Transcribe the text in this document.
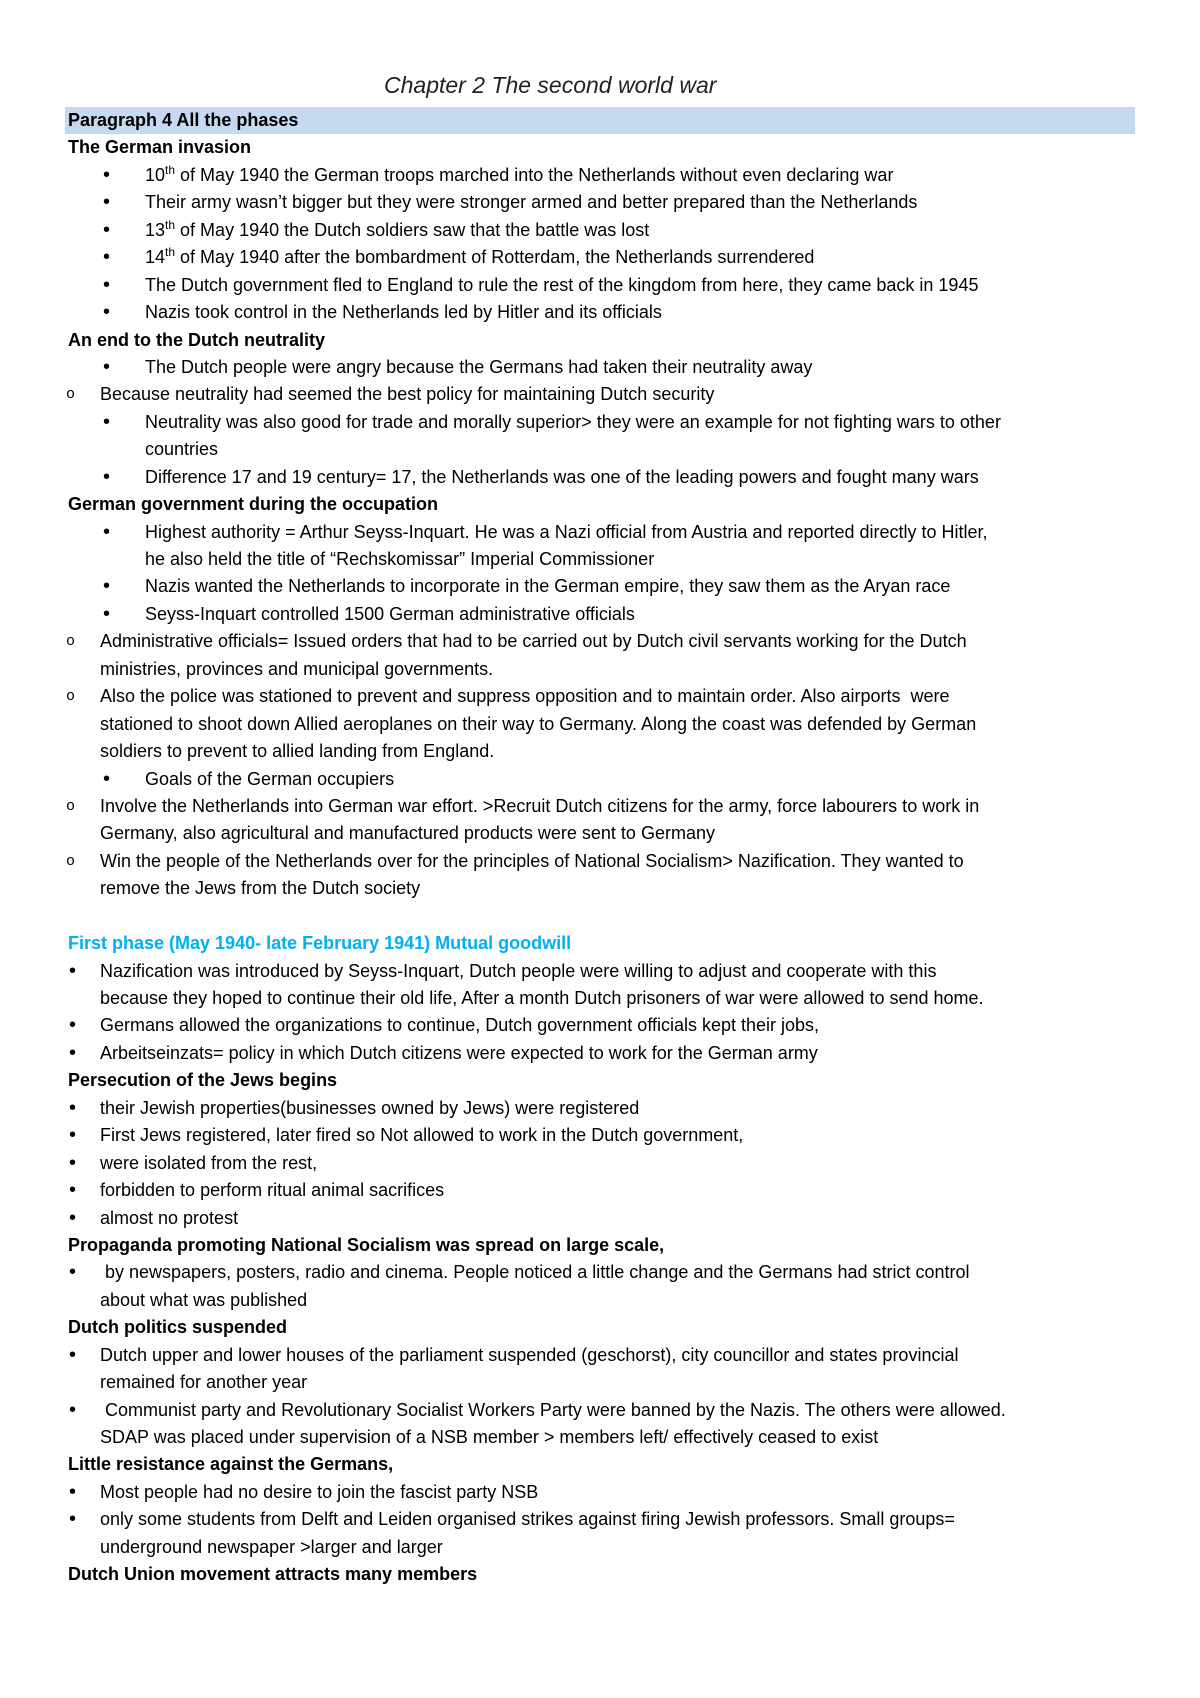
Chapter 2 The second world war
Paragraph 4 All the phases
The German invasion
• 10th of May 1940 the German troops marched into the Netherlands without even declaring war
• Their army wasn’t bigger but they were stronger armed and better prepared than the Netherlands
• 13th of May 1940 the Dutch soldiers saw that the battle was lost
• 14th of May 1940 after the bombardment of Rotterdam, the Netherlands surrendered
• The Dutch government fled to England to rule the rest of the kingdom from here, they came back in 1945
• Nazis took control in the Netherlands led by Hitler and its officials
An end to the Dutch neutrality
• The Dutch people were angry because the Germans had taken their neutrality away
o Because neutrality had seemed the best policy for maintaining Dutch security
• Neutrality was also good for trade and morally superior> they were an example for not fighting wars to other
countries
• Difference 17 and 19 century= 17, the Netherlands was one of the leading powers and fought many wars
German government during the occupation
• Highest authority = Arthur Seyss-Inquart. He was a Nazi official from Austria and reported directly to Hitler,
he also held the title of “Rechskomissar” Imperial Commissioner
• Nazis wanted the Netherlands to incorporate in the German empire, they saw them as the Aryan race
• Seyss-Inquart controlled 1500 German administrative officials
o Administrative officials= Issued orders that had to be carried out by Dutch civil servants working for the Dutch
ministries, provinces and municipal governments.
o Also the police was stationed to prevent and suppress opposition and to maintain order. Also airports  were
stationed to shoot down Allied aeroplanes on their way to Germany. Along the coast was defended by German
soldiers to prevent to allied landing from England.
• Goals of the German occupiers
o Involve the Netherlands into German war effort. >Recruit Dutch citizens for the army, force labourers to work in
Germany, also agricultural and manufactured products were sent to Germany
o Win the people of the Netherlands over for the principles of National Socialism> Nazification. They wanted to
remove the Jews from the Dutch society
First phase (May 1940- late February 1941) Mutual goodwill
• Nazification was introduced by Seyss-Inquart, Dutch people were willing to adjust and cooperate with this
because they hoped to continue their old life, After a month Dutch prisoners of war were allowed to send home.
• Germans allowed the organizations to continue, Dutch government officials kept their jobs,
• Arbeitseinzats= policy in which Dutch citizens were expected to work for the German army
Persecution of the Jews begins
• their Jewish properties(businesses owned by Jews) were registered
• First Jews registered, later fired so Not allowed to work in the Dutch government,
• were isolated from the rest,
• forbidden to perform ritual animal sacrifices
• almost no protest
Propaganda promoting National Socialism was spread on large scale,
• by newspapers, posters, radio and cinema. People noticed a little change and the Germans had strict control
about what was published
Dutch politics suspended
• Dutch upper and lower houses of the parliament suspended (geschorst), city councillor and states provincial
remained for another year
• Communist party and Revolutionary Socialist Workers Party were banned by the Nazis. The others were allowed.
SDAP was placed under supervision of a NSB member > members left/ effectively ceased to exist
Little resistance against the Germans,
• Most people had no desire to join the fascist party NSB
• only some students from Delft and Leiden organised strikes against firing Jewish professors. Small groups=
underground newspaper >larger and larger
Dutch Union movement attracts many members
